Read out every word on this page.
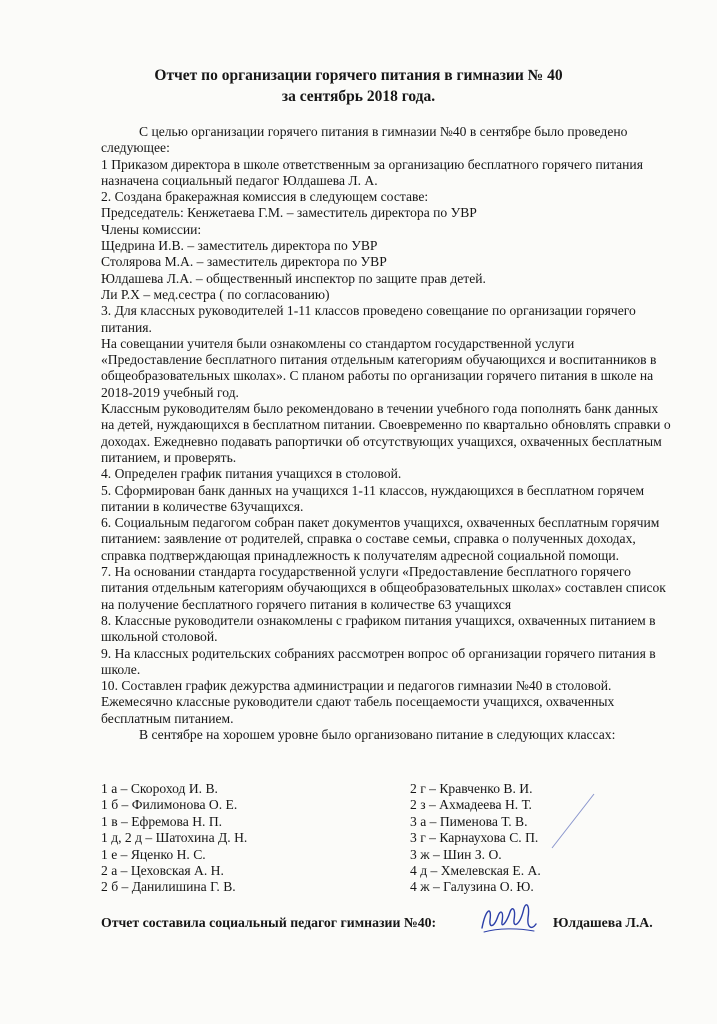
Отчет по организации горячего питания в гимназии № 40
за сентябрь 2018 года.

С целью организации горячего питания в гимназии №40 в сентябре было проведено следующее:

1 Приказом директора в школе ответственным за организацию бесплатного горячего питания назначена социальный педагог Юлдашева Л. А.

2. Создана бракеражная комиссия в следующем составе:

Председатель: Кенжетаева Г.М. – заместитель директора по УВР

Члены комиссии:

Щедрина И.В. – заместитель директора по УВР

Столярова М.А. – заместитель директора по УВР

Юлдашева Л.А. – общественный инспектор по защите прав детей.

Ли Р.Х – мед.сестра ( по согласованию)

3. Для классных руководителей 1-11 классов проведено совещание по организации горячего питания.

На совещании учителя были ознакомлены со стандартом государственной услуги «Предоставление бесплатного питания отдельным категориям обучающихся и воспитанников в общеобразовательных школах». С планом работы по организации горячего питания в школе на 2018-2019 учебный год.

Классным руководителям было рекомендовано в течении учебного года пополнять банк данных на детей, нуждающихся в бесплатном питании. Своевременно по квартально обновлять справки о доходах. Ежедневно подавать рапортички об отсутствующих учащихся, охваченных бесплатным питанием, и проверять.

4. Определен график питания учащихся в столовой.

5. Сформирован банк данных на учащихся 1-11 классов, нуждающихся в бесплатном горячем питании в количестве 63учащихся.

6. Социальным педагогом собран пакет документов учащихся, охваченных бесплатным горячим питанием: заявление от родителей, справка о составе семьи, справка о полученных доходах, справка подтверждающая принадлежность к получателям адресной социальной помощи.

7. На основании стандарта государственной услуги «Предоставление бесплатного горячего питания отдельным категориям обучающихся в общеобразовательных школах» составлен список на получение бесплатного горячего питания в количестве 63 учащихся

8. Классные руководители ознакомлены с графиком питания учащихся, охваченных питанием в школьной столовой.

9. На классных родительских собраниях рассмотрен вопрос об организации горячего питания в школе.

10. Составлен график дежурства администрации и педагогов гимназии №40 в столовой. Ежемесячно классные руководители сдают табель посещаемости учащихся, охваченных бесплатным питанием.

В сентябре на хорошем уровне было организовано питание в следующих классах:

1 а – Скороход И. В.
1 б – Филимонова О. Е.
1 в – Ефремова Н. П.
1 д, 2 д – Шатохина Д. Н.
1 е – Яценко Н. С.
2 а – Цеховская А. Н.
2 б – Данилишина Г. В.
2 г – Кравченко В. И.
2 з – Ахмадеева Н. Т.
3 а – Пименова Т. В.
3 г – Карнаухова С. П.
3 ж – Шин З. О.
4 д – Хмелевская Е. А.
4 ж – Галузина О. Ю.
Отчет составила социальный педагог гимназии №40:	Юлдашева Л.А.
